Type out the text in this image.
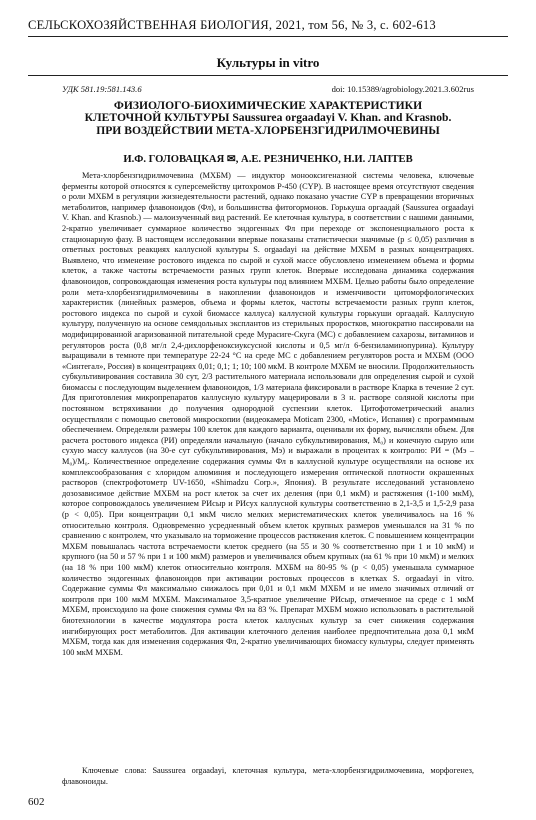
СЕЛЬСКОХОЗЯЙСТВЕННАЯ БИОЛОГИЯ, 2021, том 56, № 3, с. 602-613
Культуры in vitro
УДК 581.19:581.143.6	doi: 10.15389/agrobiology.2021.3.602rus
ФИЗИОЛОГО-БИОХИМИЧЕСКИЕ ХАРАКТЕРИСТИКИ
КЛЕТОЧНОЙ КУЛЬТУРЫ Saussurea orgaadayi V. Khan. and Krasnob.
ПРИ ВОЗДЕЙСТВИИ МЕТА-ХЛОРБЕНЗГИДРИЛМОЧЕВИНЫ
И.Ф. ГОЛОВАЦКАЯ ✉, А.Е. РЕЗНИЧЕНКО, Н.И. ЛАПТЕВ

Мета-хлорбензгидрилмочевина (МХБМ) — индуктор монооксигеназной системы человека, ключевые ферменты которой относятся к суперсемейству цитохромов P-450 (CYP). В настоящее время отсутствуют сведения о роли МХБМ в регуляции жизнедеятельности растений, однако показано участие CYP в превращении вторичных метаболитов, например флавоноидов (Фл), и большинства фитогормонов. Горькуша оргаадай (Saussurea orgaadayi V. Khan. and Krasnob.) — малоизученный вид растений. Ее клеточная культура, в соответствии с нашими данными, 2-кратно увеличивает суммарное количество эндогенных Фл при переходе от экспоненциального роста к стационарную фазу. В настоящем исследовании впервые показаны статистически значимые (p ≤ 0,05) различия в ответных ростовых реакциях каллусной культуры S. orgaadayi на действие МХБМ в разных концентрациях. Выявлено, что изменение ростового индекса по сырой и сухой массе обусловлено изменением объема и формы клеток, а также частоты встречаемости разных групп клеток. Впервые исследована динамика содержания флавоноидов, сопровождающая изменения роста культуры под влиянием МХБМ. Целью работы было определение роли мета-хлорбензгидрилмочевины в накоплении флавоноидов и изменчивости цитоморфологических характеристик (линейных размеров, объема и формы клеток, частоты встречаемости разных групп клеток, ростового индекса по сырой и сухой биомассе каллуса) каллусной культуры горькуши оргаадай. Каллусную культуру, полученную на основе семядольных эксплантов из стерильных проростков, многократно пассировали на модифицированной агаризованной питательной среде Мурасиге-Скуга (МС) с добавлением сахарозы, витаминов и регуляторов роста (0,8 мг/л 2,4-дихлорфеноксиуксусной кислоты и 0,5 мг/л 6-бензиламинопурина). Культуру выращивали в темноте при температуре 22-24 °C на среде МС с добавлением регуляторов роста и МХБМ (ООО «Синтегал», Россия) в концентрациях 0,01; 0,1; 1; 10; 100 мкМ. В контроле МХБМ не вносили. Продолжительность субкультивирования составила 30 сут, 2/3 растительного материала использовали для определения сырой и сухой биомассы с последующим выделением флавоноидов, 1/3 материала фиксировали в растворе Кларка в течение 2 сут. Для приготовления микропрепаратов каллусную культуру мацерировали в 3 н. растворе соляной кислоты при постоянном встряхивании до получения однородной суспензии клеток. Цитофотометрический анализ осуществляли с помощью световой микроскопии (видеокамера Moticam 2300, «Motic», Испания) с программным обеспечением. Определяли размеры 100 клеток для каждого варианта, оценивали их форму, вычисляли объем. Для расчета ростового индекса (РИ) определяли начальную (начало субкультивирования, M₀) и конечную сырую или сухую массу каллусов (на 30-е сут субкультивирования, Mэ) и выражали в процентах к контролю: РИ = (Mэ – M₀)/M₀. Количественное определение содержания суммы Фл в каллусной культуре осуществляли на основе их комплексообразования с хлоридом алюминия и последующего измерения оптической плотности окрашенных растворов (спектрофотометр UV-1650, «Shimadzu Corp.», Япония). В результате исследований установлено дозозависимое действие МХБМ на рост клеток за счет их деления (при 0,1 мкМ) и растяжения (1-100 мкМ), которое сопровождалось увеличением РИсыр и РИсух каллусной культуры соответственно в 2,1-3,5 и 1,5-2,9 раза (p < 0,05). При концентрации 0,1 мкМ число мелких меристематических клеток увеличивалось на 16 % относительно контроля. Одновременно усредненный объем клеток крупных размеров уменьшался на 31 % по сравнению с контролем, что указывало на торможение процессов растяжения клеток. С повышением концентрации МХБМ повышалась частота встречаемости клеток среднего (на 55 и 30 % соответственно при 1 и 10 мкМ) и крупного (на 50 и 57 % при 1 и 100 мкМ) размеров и увеличивался объем крупных (на 61 % при 10 мкМ) и мелких (на 18 % при 100 мкМ) клеток относительно контроля. МХБМ на 80-95 % (p < 0,05) уменьшала суммарное количество эндогенных флавоноидов при активации ростовых процессов в клетках S. orgaadayi in vitro. Содержание суммы Фл максимально снижалось при 0,01 и 0,1 мкМ МХБМ и не имело значимых отличий от контроля при 100 мкМ МХБМ. Максимальное 3,5-кратное увеличение РИсыр, отмеченное на среде с 1 мкМ МХБМ, происходило на фоне снижения суммы Фл на 83 %. Препарат МХБМ можно использовать в растительной биотехнологии в качестве модулятора роста клеток каллусных культур за счет снижения содержания ингибирующих рост метаболитов. Для активации клеточного деления наиболее предпочтительна доза 0,1 мкМ МХБМ, тогда как для изменения содержания Фл, 2-кратно увеличивающих биомассу культуры, следует применять 100 мкМ МХБМ.

Ключевые слова: Saussurea orgaadayi, клеточная культура, мета-хлорбензгидрилмочевина, морфогенез, флавоноиды.

602
